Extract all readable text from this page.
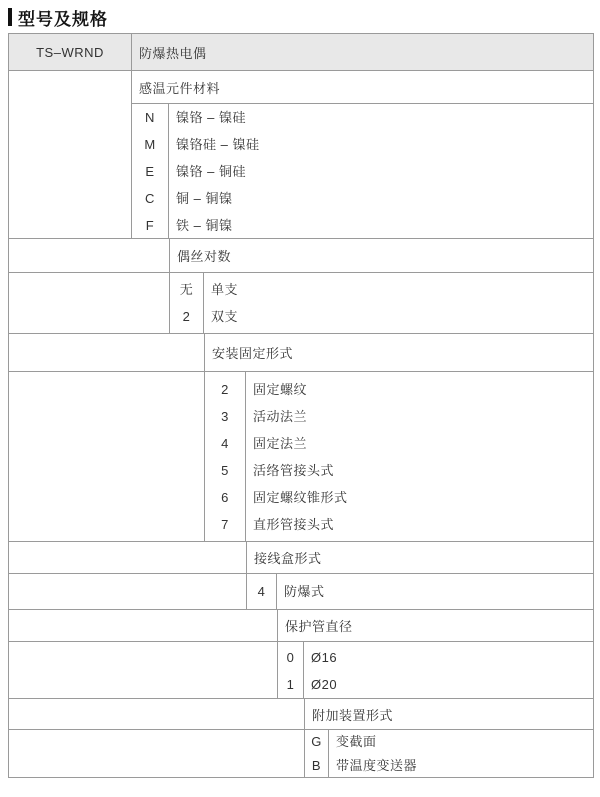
型号及规格
TS–WRND	防爆热电偶
感温元件材料
N
M
E
C
F
镍铬 – 镍硅
镍铬硅 – 镍硅
镍铬 – 铜硅
铜 – 铜镍
铁 – 铜镍
偶丝对数
无
2
单支
双支
安装固定形式
2
3
4
5
6
7
固定螺纹
活动法兰
固定法兰
活络管接头式
固定螺纹锥形式
直形管接头式
接线盒形式
4	防爆式
保护管直径
0
1
Ø16
Ø20
附加装置形式
G
B
变截面
带温度变送器
